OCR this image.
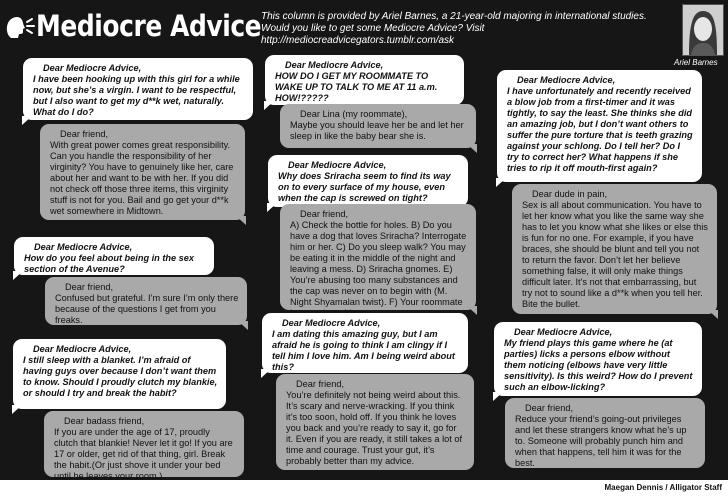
Mediocre Advice This column is provided by Ariel Barnes, a 21-year-old majoring in international studies. Would you like to get some Mediocre Advice? Visit http://mediocreadvicegators.tumblr.com/ask
Ariel Barnes
Dear Mediocre Advice,
I have been hooking up with this girl for a while now, but she’s a virgin. I want to be respectful, but I also want to get my d**k wet, naturally. What do I do?
Dear friend,
With great power comes great responsibility. Can you handle the responsibility of her virginity? You have to genuinely like her, care about her and want to be with her. If you did not check off those three items, this virginity stuff is not for you. Bail and go get your d**k wet somewhere in Midtown.
Dear Mediocre Advice,
How do you feel about being in the sex section of the Avenue?
Dear friend,
Confused but grateful. I’m sure I’m only there because of the questions I get from you freaks.
Dear Mediocre Advice,
I still sleep with a blanket. I’m afraid of having guys over because I don’t want them to know. Should I proudly clutch my blankie, or should I try and break the habit?
Dear badass friend,
If you are under the age of 17, proudly clutch that blankie! Never let it go! If you are 17 or older, get rid of that thing, girl. Break the habit.(Or just shove it under your bed until he leaves your room.)
Dear Mediocre Advice,
HOW DO I GET MY ROOMMATE TO WAKE UP TO TALK TO ME AT 11 a.m. HOW!?????
Dear Lina (my roommate),
Maybe you should leave her be and let her sleep in like the baby bear she is.
Dear Mediocre Advice,
Why does Sriracha seem to find its way on to every surface of my house, even when the cap is screwed on tight?
Dear friend,
A) Check the bottle for holes. B) Do you have a dog that loves Sriracha? Interrogate him or her. C) Do you sleep walk? You may be eating it in the middle of the night and leaving a mess. D) Sriracha gnomes. E) You’re abusing too many substances and the cap was never on to begin with (M. Night Shyamalan twist). F) Your roommate
Dear Mediocre Advice,
I am dating this amazing guy, but I am afraid he is going to think I am clingy if I tell him I love him. Am I being weird about this?
Dear friend,
You’re definitely not being weird about this. It’s scary and nerve-wracking. If you think it’s too soon, hold off. If you think he loves you back and you’re ready to say it, go for it. Even if you are ready, it still takes a lot of time and courage. Trust your gut, it’s probably better than my advice.
Dear Mediocre Advice,
I have unfortunately and recently received a blow job from a first-timer and it was tightly, to say the least. She thinks she did an amazing job, but I don’t want others to suffer the pure torture that is teeth grazing against your schlong. Do I tell her? Do I try to correct her? What happens if she tries to rip it off mouth-first again?
Dear dude in pain,
Sex is all about communication. You have to let her know what you like the same way she has to let you know what she likes or else this is fun for no one. For example, if you have braces, she should be blunt and tell you not to return the favor. Don’t let her believe something false, it will only make things difficult later. It’s not that embarrassing, but try not to sound like a d**k when you tell her. Bite the bullet.
Dear Mediocre Advice,
My friend plays this game where he (at parties) licks a persons elbow without them noticing (elbows have very little sensitivity). Is this weird? How do I prevent such an elbow-licking?
Dear friend,
Reduce your friend’s going-out privileges and let these strangers know what he’s up to. Someone will probably punch him and when that happens, tell him it was for the best.
Maegan Dennis / Alligator Staff
